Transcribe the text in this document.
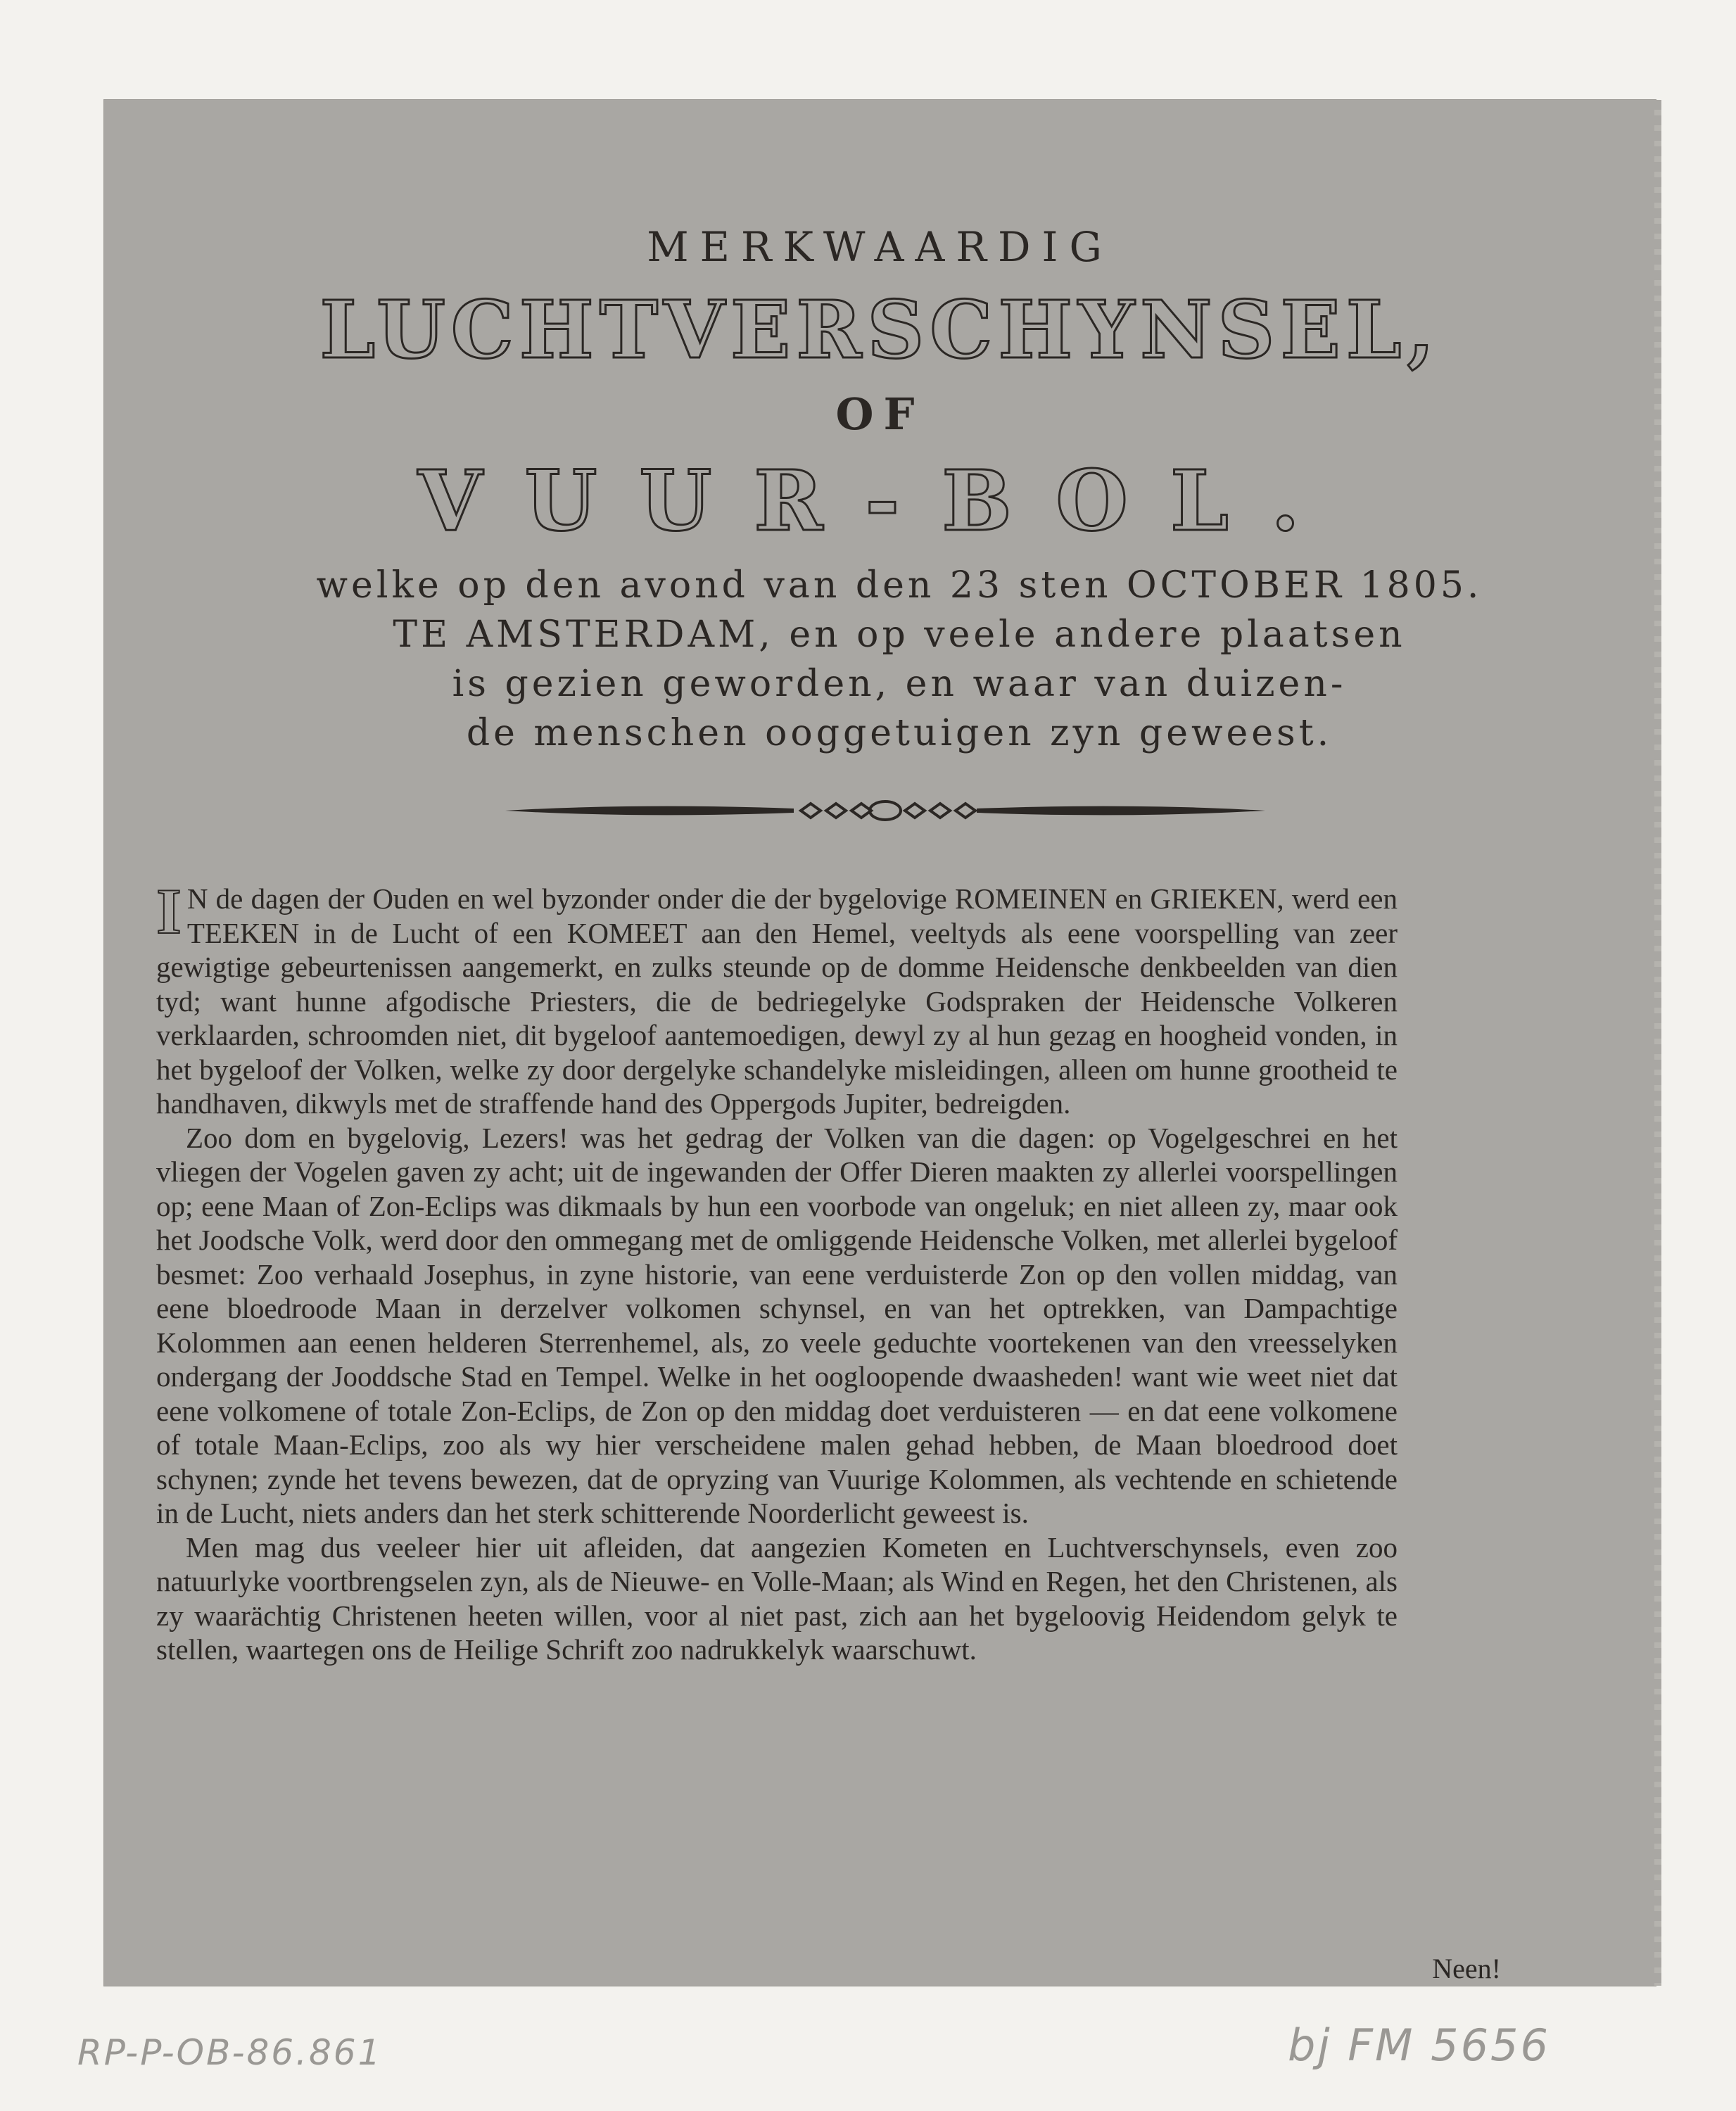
MERKWAARDIG
LUCHTVERSCHYNSEL,
OF
VUUR-BOL.
welke op den avond van den 23 sten OCTOBER 1805.
TE AMSTERDAM, en op veele andere plaatsen
is gezien geworden, en waar van duizen-
de menschen ooggetuigen zyn geweest.
Neen!

I N de dagen der Ouden en wel byzonder onder die der bygelovige ROMEINEN en GRIEKEN, werd een TEEKEN in de Lucht of een KOMEET aan den Hemel, veeltyds als eene voorspelling van zeer gewigtige gebeurtenissen aangemerkt, en zulks steunde op de domme Heidensche denkbeelden van dien tyd; want hunne afgodische Priesters, die de bedriegelyke Godspraken der Heidensche Volkeren verklaarden, schroomden niet, dit bygeloof aantemoedigen, dewyl zy al hun gezag en hoogheid vonden, in het bygeloof der Volken, welke zy door dergelyke schandelyke misleidingen, alleen om hunne grootheid te handhaven, dikwyls met de straffende hand des Oppergods Jupiter, bedreigden.

Zoo dom en bygelovig, Lezers! was het gedrag der Volken van die dagen: op Vogelgeschrei en het vliegen der Vogelen gaven zy acht; uit de ingewanden der Offer Dieren maakten zy allerlei voorspellingen op; eene Maan of Zon-Eclips was dikmaals by hun een voorbode van ongeluk; en niet alleen zy, maar ook het Joodsche Volk, werd door den ommegang met de omliggende Heidensche Volken, met allerlei bygeloof besmet: Zoo verhaald Josephus, in zyne historie, van eene verduisterde Zon op den vollen middag, van eene bloedroode Maan in derzelver volkomen schynsel, en van het optrekken, van Dampachtige Kolommen aan eenen helderen Sterrenhemel, als, zo veele geduchte voortekenen van den vreesselyken ondergang der Jooddsche Stad en Tempel. Welke in het oogloopende dwaasheden! want wie weet niet dat eene volkomene of totale Zon-Eclips, de Zon op den middag doet verduisteren — en dat eene volkomene of totale Maan-Eclips, zoo als wy hier verscheidene malen gehad hebben, de Maan bloedrood doet schynen; zynde het tevens bewezen, dat de opryzing van Vuurige Kolommen, als vechtende en schietende in de Lucht, niets anders dan het sterk schitterende Noorderlicht geweest is.

Men mag dus veeleer hier uit afleiden, dat aangezien Kometen en Luchtverschynsels, even zoo natuurlyke voortbrengselen zyn, als de Nieuwe- en Volle-Maan; als Wind en Regen, het den Christenen, als zy waarächtig Christenen heeten willen, voor al niet past, zich aan het bygeloovig Heidendom gelyk te stellen, waartegen ons de Heilige Schrift zoo nadrukkelyk waarschuwt.

RP-P-OB-86.861	bj FM 5656
